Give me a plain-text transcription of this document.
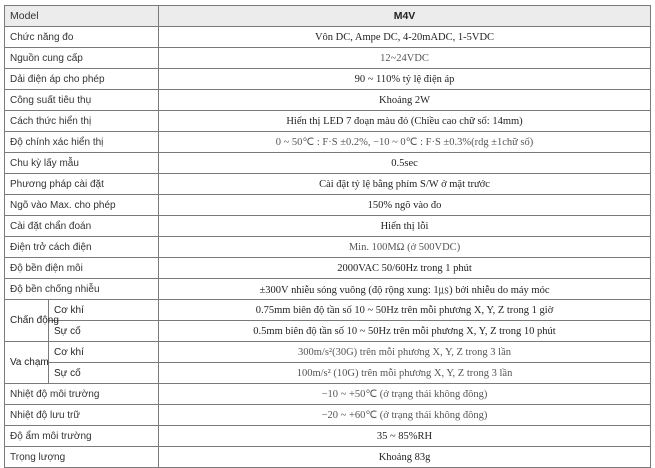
Model		M4V
Chức năng đo		Vôn DC, Ampe DC, 4-20mADC, 1-5VDC
Nguồn cung cấp		12~24VDC
Dải điện áp cho phép		90 ~ 110% tỷ lệ điện áp
Công suất tiêu thụ		Khoảng 2W
Cách thức hiển thị		Hiển thị LED 7 đoạn màu đỏ (Chiều cao chữ số: 14mm)
Độ chính xác hiển thị		0 ~ 50℃ : F·S ±0.2%, −10 ~ 0℃ : F·S ±0.3%(rdg ±1chữ số)
Chu kỳ lấy mẫu		0.5sec
Phương pháp cài đặt		Cài đặt tỷ lệ bằng phím S/W ở mặt trước
Ngõ vào Max. cho phép		150% ngõ vào đo
Cài đặt chẩn đoán		Hiển thị lỗi
Điện trở cách điện		Min. 100MΩ (ở 500VDC)
Độ bền điện môi		2000VAC 50/60Hz trong 1 phút
Độ bền chống nhiễu		±300V nhiễu sóng vuông (độ rộng xung: 1㎲) bởi nhiễu do máy móc
Chấn động	Cơ khí	0.75mm biên độ tần số 10 ~ 50Hz trên mỗi phương X, Y, Z trong 1 giờ
	Sự cố	0.5mm biên độ tần số 10 ~ 50Hz trên mỗi phương X, Y, Z trong 10 phút
Va chạm	Cơ khí	300m/s²(30G) trên mỗi phương X, Y, Z trong 3 lần
	Sự cố	100m/s² (10G) trên mỗi phương X, Y, Z trong 3 lần
Nhiệt độ môi trường		−10 ~ +50℃ (ở trạng thái không đông)
Nhiệt độ lưu trữ		−20 ~ +60℃ (ở trạng thái không đông)
Độ ẩm môi trường		35 ~ 85%RH
Trọng lượng		Khoảng 83g
